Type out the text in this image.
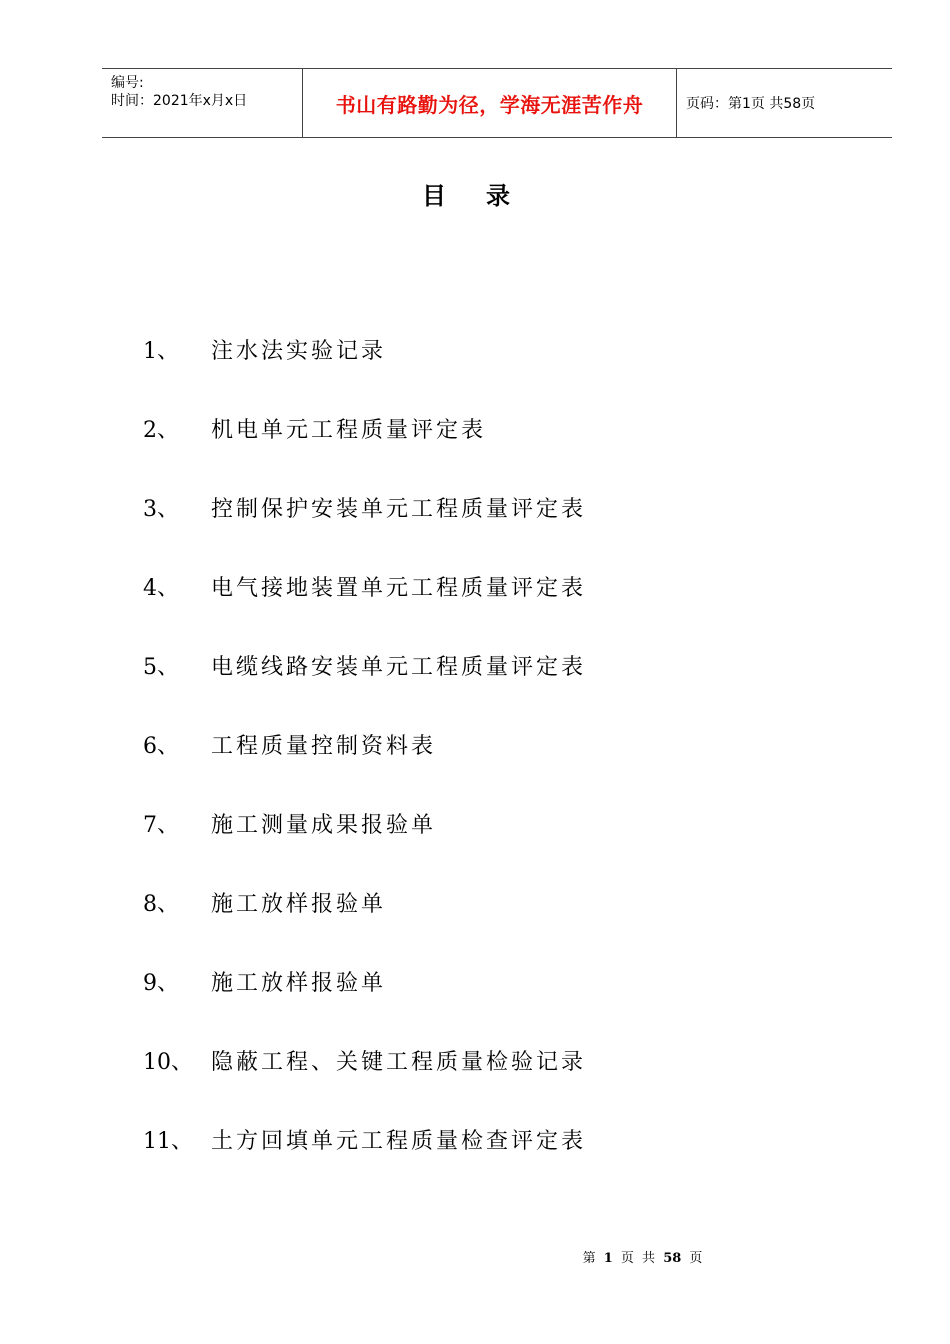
编号:
时间：2021年x月x日	书山有路勤为径，学海无涯苦作舟	页码：第1页 共58页
目录
1、	注水法实验记录
2、	机电单元工程质量评定表
3、	控制保护安装单元工程质量评定表
4、	电气接地装置单元工程质量评定表
5、	电缆线路安装单元工程质量评定表
6、	工程质量控制资料表
7、	施工测量成果报验单
8、	施工放样报验单
9、	施工放样报验单
10、 隐蔽工程、关键工程质量检验记录
11、 土方回填单元工程质量检查评定表
第 1 页 共 58 页
